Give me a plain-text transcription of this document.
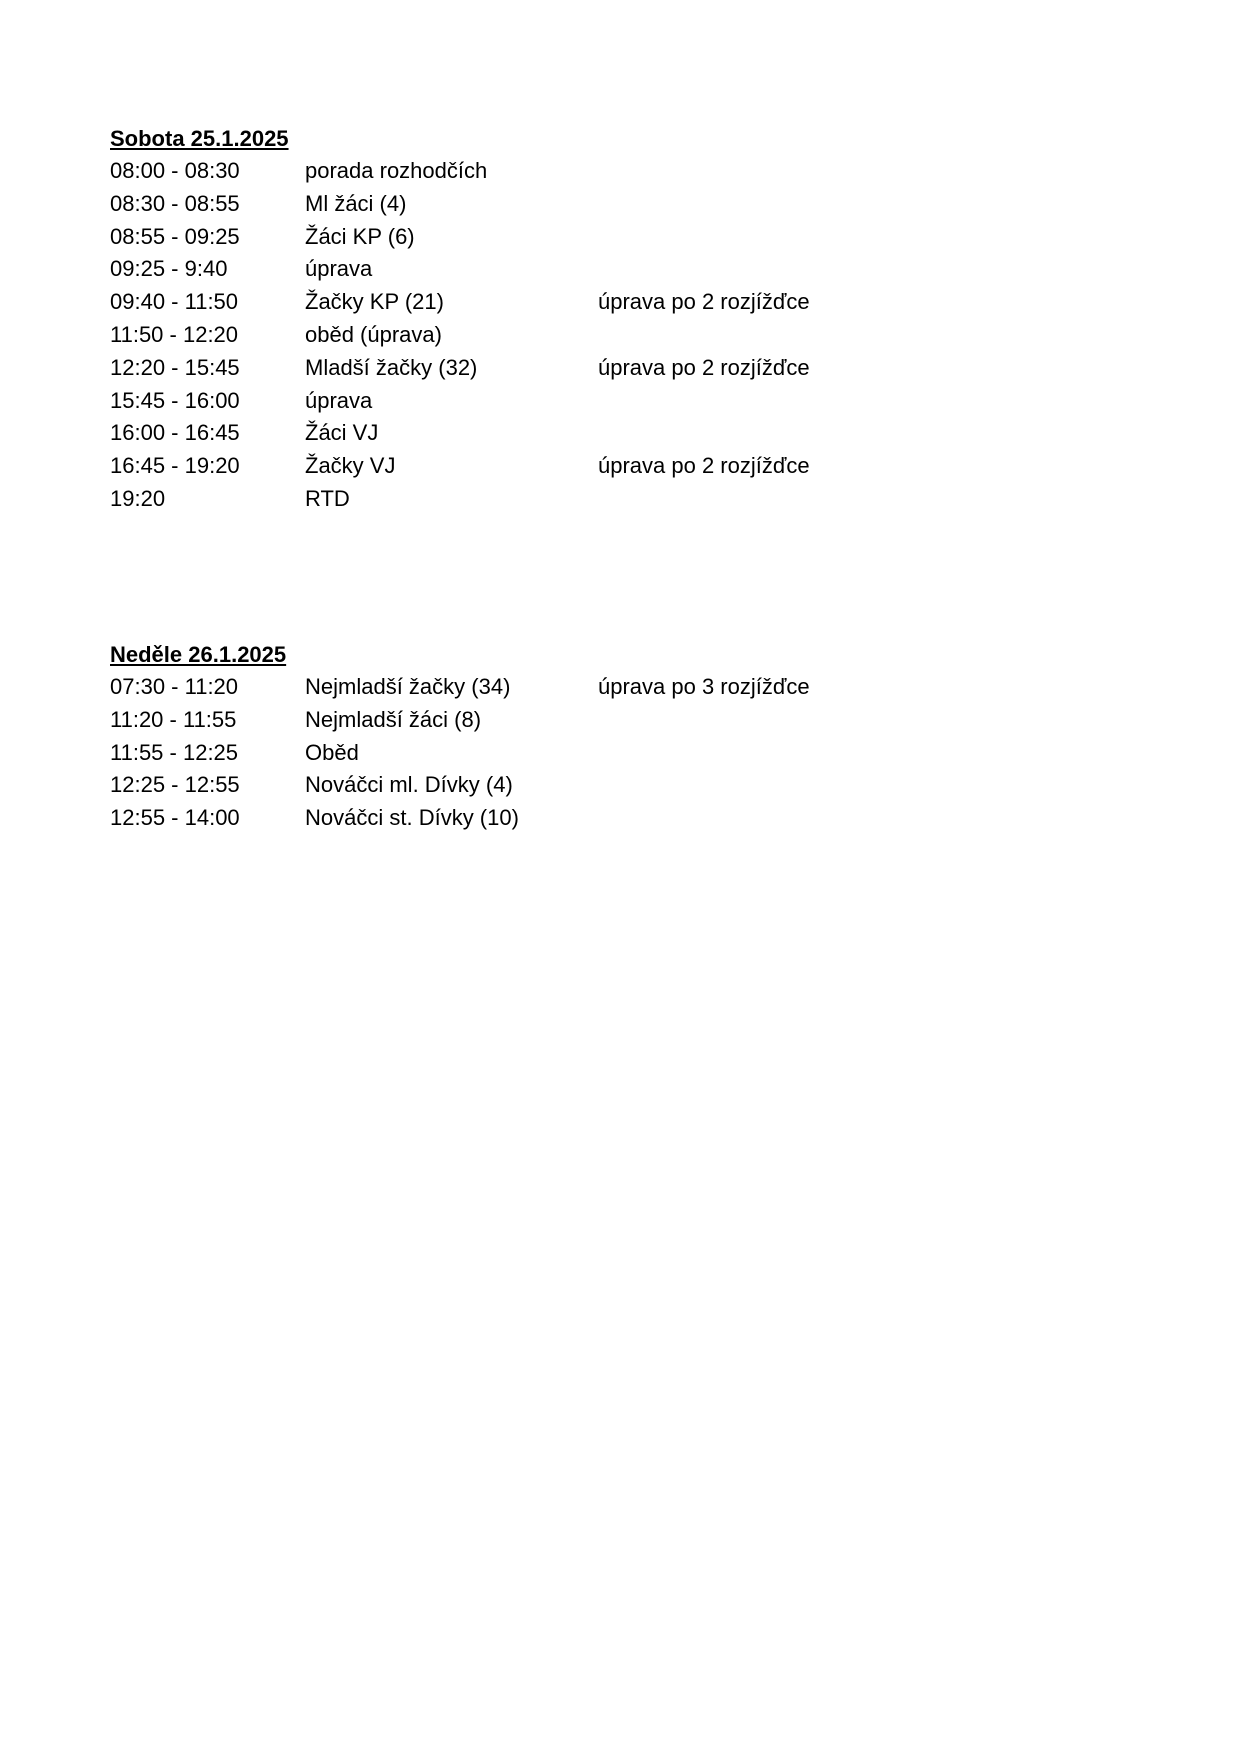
Sobota 25.1.2025
08:00 - 08:30	porada rozhodčích
08:30 - 08:55	Ml žáci (4)
08:55 - 09:25	Žáci KP (6)
09:25 - 9:40	úprava
09:40 - 11:50	Žačky KP (21)	úprava po 2 rozjížďce
11:50 - 12:20	oběd (úprava)
12:20 - 15:45	Mladší žačky (32)	úprava po 2 rozjížďce
15:45 - 16:00	úprava
16:00 - 16:45	Žáci VJ
16:45 - 19:20	Žačky VJ	úprava po 2 rozjížďce
19:20	RTD
Neděle 26.1.2025
07:30 - 11:20	Nejmladší žačky (34)	úprava po 3 rozjížďce
11:20 - 11:55	Nejmladší žáci (8)
11:55 - 12:25	Oběd
12:25 - 12:55	Nováčci ml. Dívky (4)
12:55 - 14:00	Nováčci st. Dívky (10)
